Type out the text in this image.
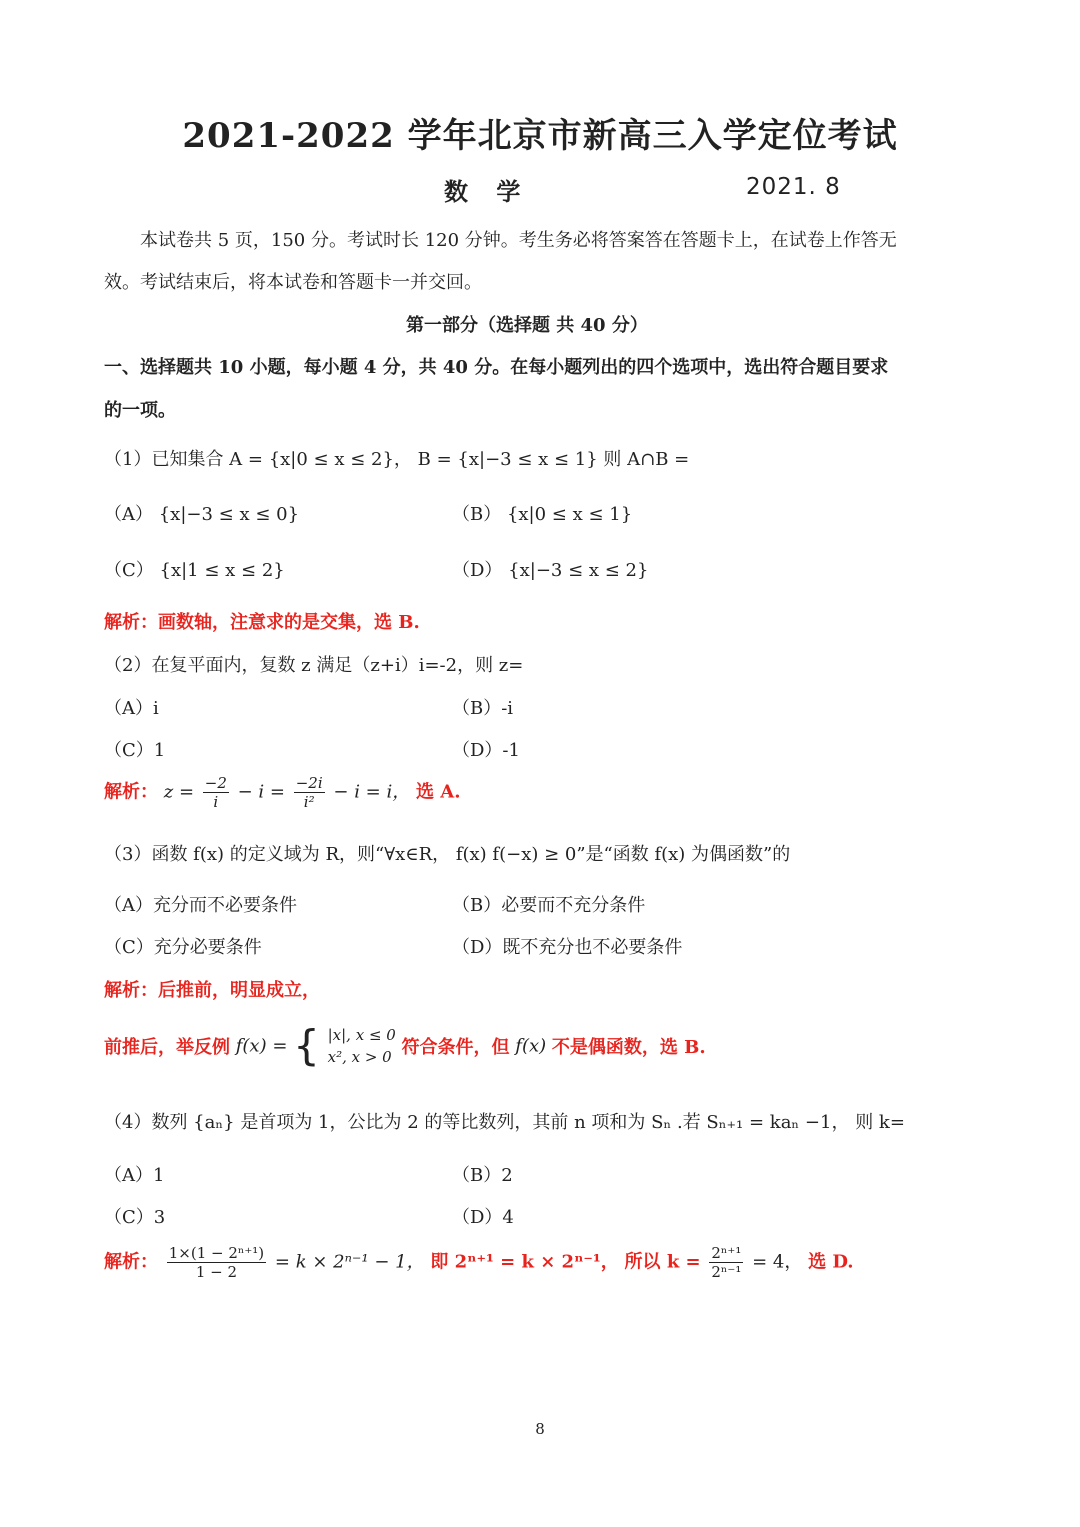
2021-2022 学年北京市新高三入学定位考试
数 学	2021. 8
本试卷共 5 页，150 分。考试时长 120 分钟。考生务必将答案答在答题卡上，在试卷上作答无
效。考试结束后，将本试卷和答题卡一并交回。
第一部分（选择题 共 40 分）
一、选择题共 10 小题，每小题 4 分，共 40 分。在每小题列出的四个选项中，选出符合题目要求
的一项。
（1）已知集合 A = {x|0 ≤ x ≤ 2}， B = {x|−3 ≤ x ≤ 1} 则 A∩B =
（A） {x|−3 ≤ x ≤ 0}	（B） {x|0 ≤ x ≤ 1}
（C） {x|1 ≤ x ≤ 2}	（D） {x|−3 ≤ x ≤ 2}
解析：画数轴，注意求的是交集，选 B.
（2）在复平面内，复数 z 满足（z+i）i=-2，则 z=
（A）i	（B）-i
（C）1	（D）-1
解析： $z = \frac{-2}{i} - i = \frac{-2i}{\text{i²}} - i = i$， 选 A.
（3）函数 f(x) 的定义域为 R，则“∀x∈R， f(x) f(−x) ≥ 0”是“函数 f(x) 为偶函数”的
（A）充分而不必要条件	（B）必要而不充分条件
（C）充分必要条件	（D）既不充分也不必要条件
解析：后推前，明显成立，
前推后，举反例 f(x) = { |x|, x ≤ 0
x², x > 0 符合条件，但 f(x) 不是偶函数，选 B.
（4）数列 {aₙ} 是首项为 1，公比为 2 的等比数列，其前 n 项和为 Sₙ .若 Sₙ₊₁ = kaₙ −1， 则 k=
（A）1	（B）2
（C）3	（D）4
解析： $\frac{\text{1×(1 − 2ⁿ⁺¹)}}{1 - 2} = k \times 2^{n-1} - 1$， 即 2ⁿ⁺¹ = k × 2ⁿ⁻¹， 所以 $k = \frac{\text{2ⁿ⁺¹}}{\text{2ⁿ⁻¹}} = 4$， 选 D.
8
